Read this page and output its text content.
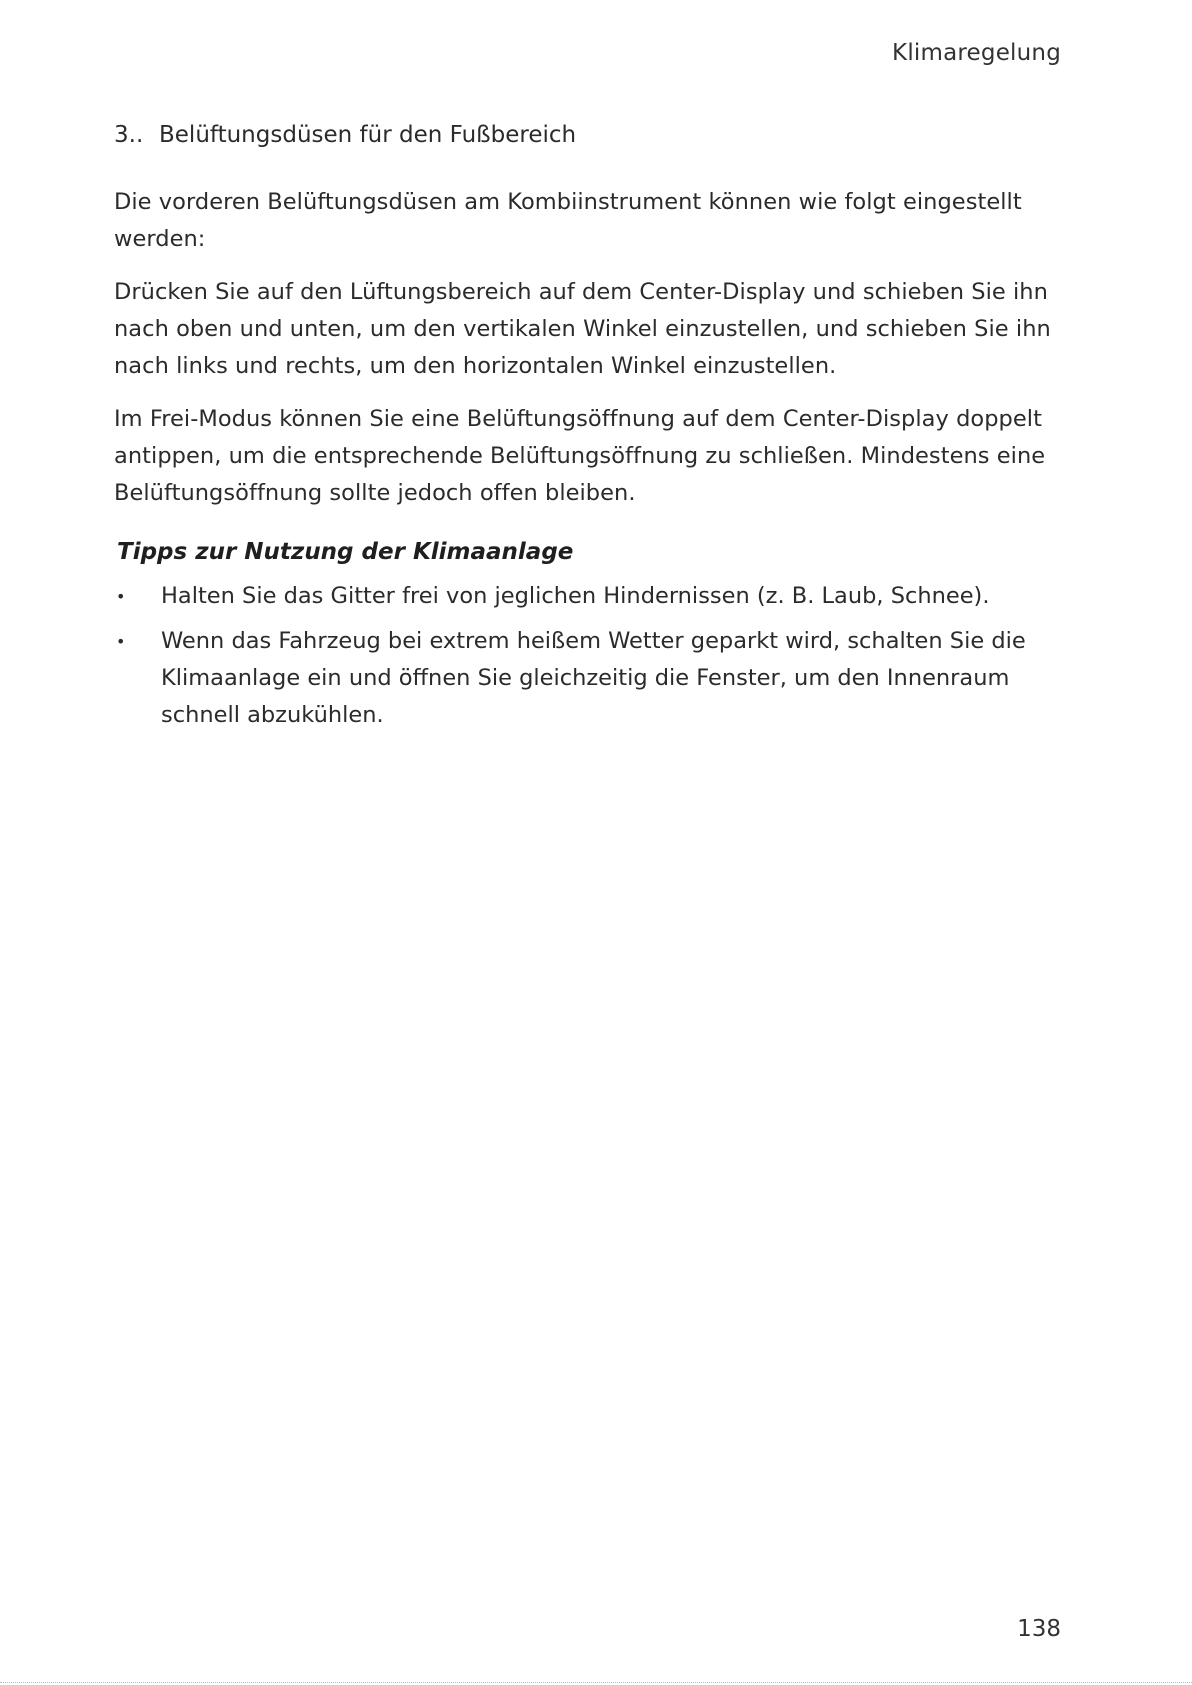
Klimaregelung
3.. Belüftungsdüsen für den Fußbereich

Die vorderen Belüftungsdüsen am Kombiinstrument können wie folgt eingestellt werden:

Drücken Sie auf den Lüftungsbereich auf dem Center-Display und schieben Sie ihn nach oben und unten, um den vertikalen Winkel einzustellen, und schieben Sie ihn nach links und rechts, um den horizontalen Winkel einzustellen.

Im Frei-Modus können Sie eine Belüftungsöffnung auf dem Center-Display doppelt antippen, um die entsprechende Belüftungsöffnung zu schließen. Mindestens eine Belüftungsöffnung sollte jedoch offen bleiben.

Tipps zur Nutzung der Klimaanlage
•	Halten Sie das Gitter frei von jeglichen Hindernissen (z. B. Laub, Schnee).
•	Wenn das Fahrzeug bei extrem heißem Wetter geparkt wird, schalten Sie die Klimaanlage ein und öffnen Sie gleichzeitig die Fenster, um den Innenraum schnell abzukühlen.
138
